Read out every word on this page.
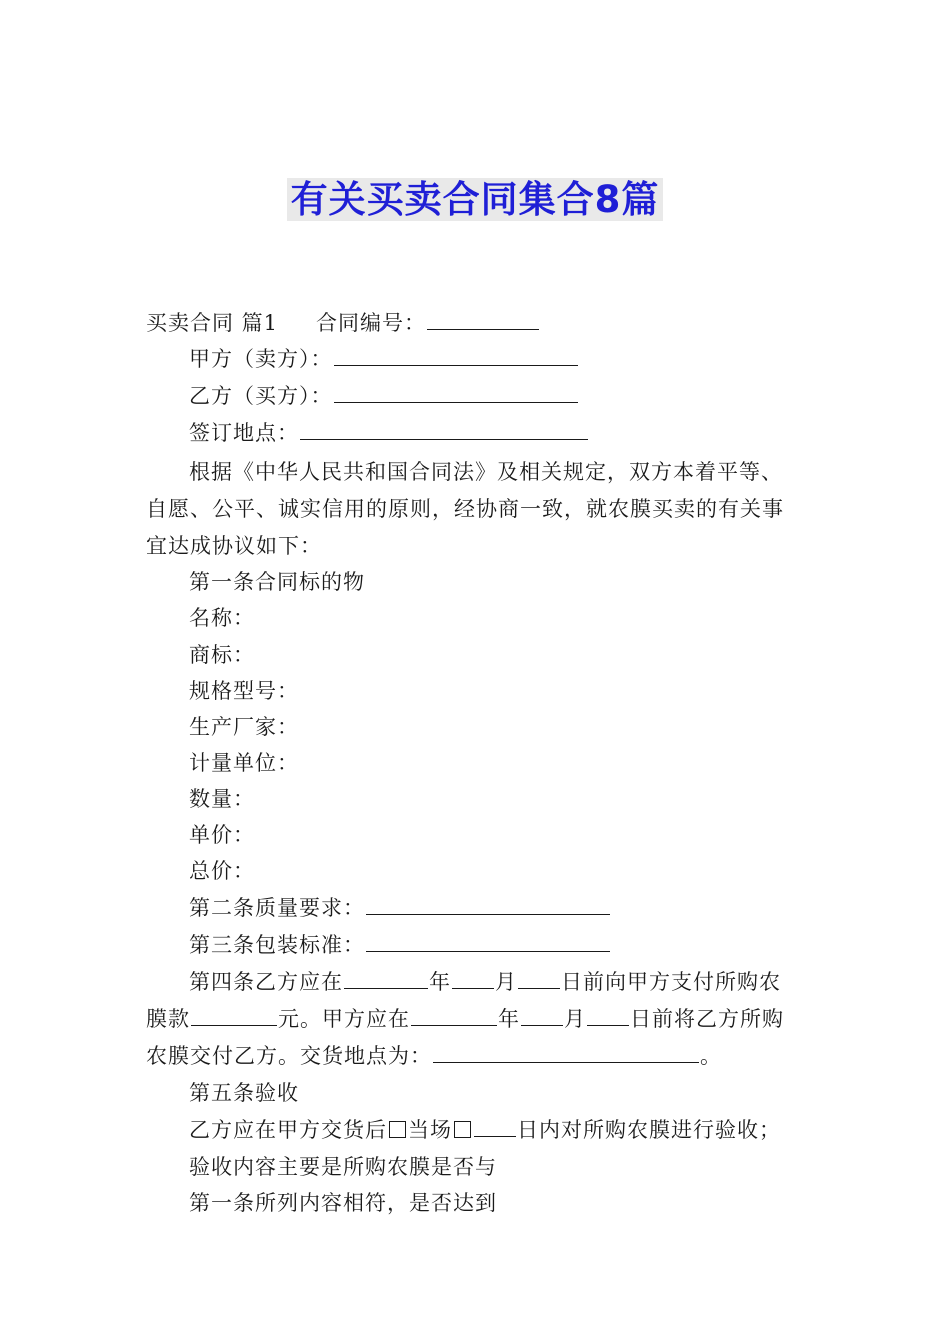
有关买卖合同集合8篇
买卖合同 篇1 合同编号：
甲方（卖方）：
乙方（买方）：
签订地点：
根据《中华人民共和国合同法》及相关规定，双方本着平等、
自愿、公平、诚实信用的原则，经协商一致，就农膜买卖的有关事
宜达成协议如下：
第一条合同标的物
名称：
商标：
规格型号：
生产厂家：
计量单位：
数量：
单价：
总价：
第二条质量要求：
第三条包装标准：
第四条乙方应在	年 月 日前向甲方支付所购农
膜款	元。甲方应在	年 月 日前将乙方所购
农膜交付乙方。交货地点为：	。
第五条验收
乙方应在甲方交货后 当场	日内对所购农膜进行验收；
验收内容主要是所购农膜是否与
第一条所列内容相符，是否达到
